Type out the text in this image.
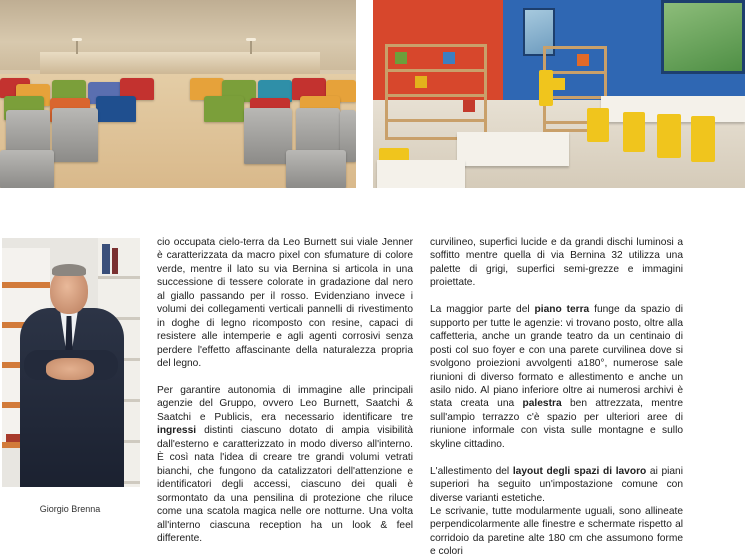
Giorgio Brenna

cio occupata cielo-terra da Leo Burnett sui viale Jenner è caratterizzata da macro pixel con sfumature di colore verde, mentre il lato su via Bernina si articola in una successione di tessere colorate in gradazione dal nero al giallo passando per il rosso. Evidenziano invece i volumi dei collegamenti verticali pannelli di rivestimento in doghe di legno ricomposto con resine, capaci di resistere alle intemperie e agli agenti corrosivi senza perdere l'effetto affascinante della naturalezza propria del legno.

Per garantire autonomia di immagine alle principali agenzie del Gruppo, ovvero Leo Burnett, Saatchi & Saatchi e Publicis, era necessario identificare tre ingressi distinti ciascuno dotato di ampia visibilità dall'esterno e caratterizzato in modo diverso all'interno. È così nata l'idea di creare tre grandi volumi vetrati bianchi, che fungono da catalizzatori dell'attenzione e identificatori degli accessi, ciascuno dei quali è sormontato da una pensilina di protezione che riluce come una scatola magica nelle ore notturne. Una volta all'interno ciascuna reception ha un look & feel differente.

curvilineo, superfici lucide e da grandi dischi luminosi a soffitto mentre quella di via Bernina 32 utilizza una palette di grigi, superfici semi-grezze e immagini proiettate.

La maggior parte del piano terra funge da spazio di supporto per tutte le agenzie: vi trovano posto, oltre alla caffetteria, anche un grande teatro da un centinaio di posti col suo foyer e con una parete curvilinea dove si svolgono proiezioni avvolgenti a180°, numerose sale riunioni di diverso formato e allestimento e anche un asilo nido. Al piano inferiore oltre ai numerosi archivi è stata creata una palestra ben attrezzata, mentre sull'ampio terrazzo c'è spazio per ulteriori aree di riunione informale con vista sulle montagne e sullo skyline cittadino.

L'allestimento del layout degli spazi di lavoro ai piani superiori ha seguito un'impostazione comune con diverse varianti estetiche.

Le scrivanie, tutte modularmente uguali, sono allineate perpendicolarmente alle finestre e schermate rispetto al corridoio da paretine alte 180 cm che assumono forme e colori
